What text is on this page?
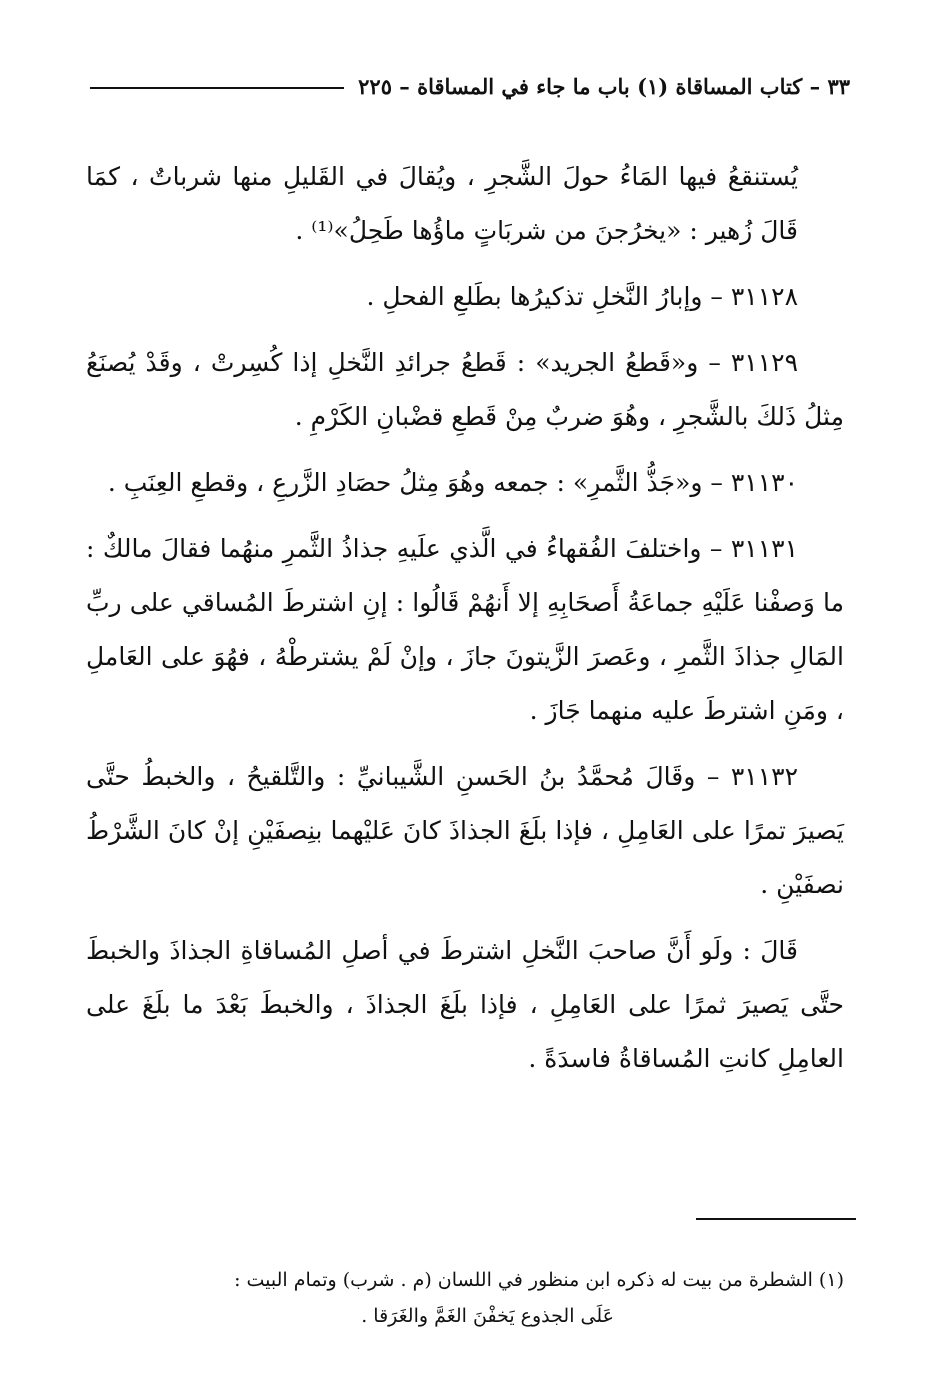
٣٣ – كتاب المساقاة (١) باب ما جاء في المساقاة – ٢٢٥

يُستنقعُ فيها المَاءُ حولَ الشَّجرِ ، ويُقالَ في القَليلِ منها شرباتٌ ، كمَا قَالَ زُهير : «يخرُجنَ من شربَاتٍ ماؤُها طَحِلُ»⁽¹⁾ .

٣١١٢٨ – وإبارُ النَّخلِ تذكيرُها بطَلعِ الفحلِ .

٣١١٢٩ – و«قَطعُ الجريد» : قَطعُ جرائدِ النَّخلِ إذا كُسِرتْ ، وقَدْ يُصنَعُ مِثلُ ذَلكَ بالشَّجرِ ، وهُوَ ضربٌ مِنْ قَطعِ قضْبانِ الكَرْمِ .

٣١١٣٠ – و«جَذُّ الثَّمرِ» : جمعه وهُوَ مِثلُ حصَادِ الزَّرعِ ، وقطعِ العِنَبِ .

٣١١٣١ – واختلفَ الفُقهاءُ في الَّذي علَيهِ جذاذُ الثَّمرِ منهُما فقالَ مالكٌ : ما وَصفْنا عَلَيْهِ جماعَةُ أَصحَابِهِ إلا أَنهُمْ قَالُوا : إنِ اشترطَ المُساقي على ربِّ المَالِ جذاذَ الثَّمرِ ، وعَصرَ الزَّيتونَ جازَ ، وإنْ لَمْ يشترطْهُ ، فهُوَ على العَاملِ ، ومَنِ اشترطَ عليه منهما جَازَ .

٣١١٣٢ – وقَالَ مُحمَّدُ بنُ الحَسنِ الشَّيبانيِّ : والتَّلقيحُ ، والخبطُ حتَّى يَصيرَ تمرًا على العَامِلِ ، فإذا بلَغَ الجذاذَ كانَ عَليْهما بنِصفَيْنِ إنْ كانَ الشَّرْطُ نصفَيْنِ .

قَالَ : ولَو أَنَّ صاحبَ النَّخلِ اشترطَ في أصلِ المُساقاةِ الجذاذَ والخبطَ حتَّى يَصيرَ ثمرًا على العَامِلِ ، فإذا بلَغَ الجذاذَ ، والخبطَ بَعْدَ ما بلَغَ على العامِلِ كانتِ المُساقاةُ فاسدَةً .

(١) الشطرة من بيت له ذكره ابن منظور في اللسان (م . شرب) وتمام البيت :

عَلَى الجذوع يَخفْنَ الغَمَّ والغَرَقا .
